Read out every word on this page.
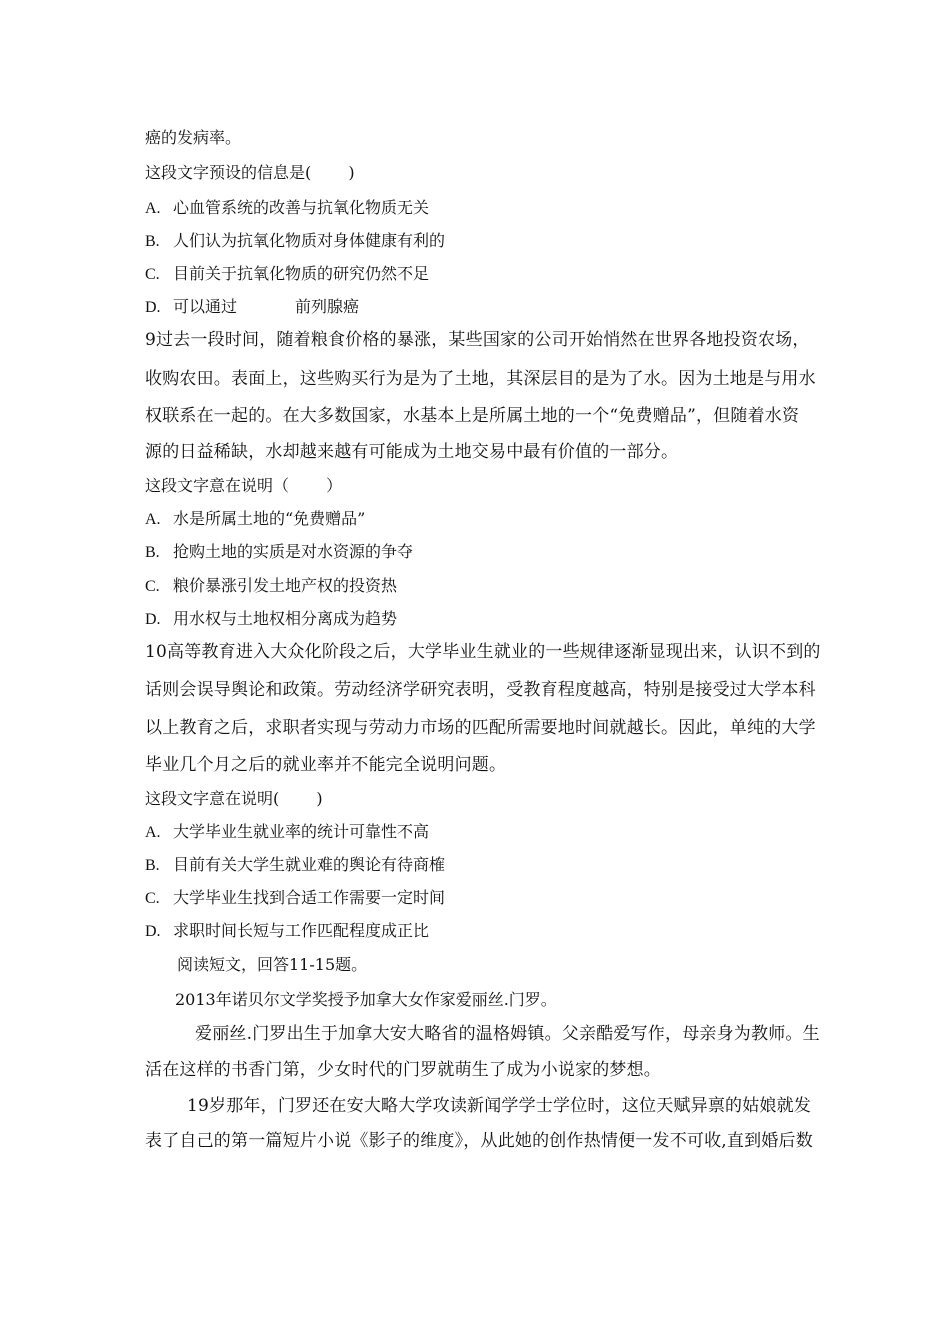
癌的发病率。
这段文字预设的信息是(　　 )
A. 心血管系统的改善与抗氧化物质无关
B. 人们认为抗氧化物质对身体健康有利的
C. 目前关于抗氧化物质的研究仍然不足
D. 可以通过	前列腺癌
9过去一段时间，随着粮食价格的暴涨，某些国家的公司开始悄然在世界各地投资农场，
收购农田。表面上，这些购买行为是为了土地，其深层目的是为了水。因为土地是与用水
权联系在一起的。在大多数国家，水基本上是所属土地的一个“免费赠品”，但随着水资
源的日益稀缺，水却越来越有可能成为土地交易中最有价值的一部分。
这段文字意在说明（　　 ）
A. 水是所属土地的“免费赠品”
B. 抢购土地的实质是对水资源的争夺
C. 粮价暴涨引发土地产权的投资热
D. 用水权与土地权相分离成为趋势
10高等教育进入大众化阶段之后，大学毕业生就业的一些规律逐渐显现出来，认识不到的
话则会误导舆论和政策。劳动经济学研究表明，受教育程度越高，特别是接受过大学本科
以上教育之后，求职者实现与劳动力市场的匹配所需要地时间就越长。因此，单纯的大学
毕业几个月之后的就业率并不能完全说明问题。
这段文字意在说明(　　 )
A. 大学毕业生就业率的统计可靠性不高
B. 目前有关大学生就业难的舆论有待商榷
C. 大学毕业生找到合适工作需要一定时间
D. 求职时间长短与工作匹配程度成正比
阅读短文，回答11-15题。
2013年诺贝尔文学奖授予加拿大女作家爱丽丝.门罗。
爱丽丝.门罗出生于加拿大安大略省的温格姆镇。父亲酷爱写作，母亲身为教师。生
活在这样的书香门第，少女时代的门罗就萌生了成为小说家的梦想。
19岁那年，门罗还在安大略大学攻读新闻学学士学位时，这位天赋异禀的姑娘就发
表了自己的第一篇短片小说《影子的维度》，从此她的创作热情便一发不可收,直到婚后数
